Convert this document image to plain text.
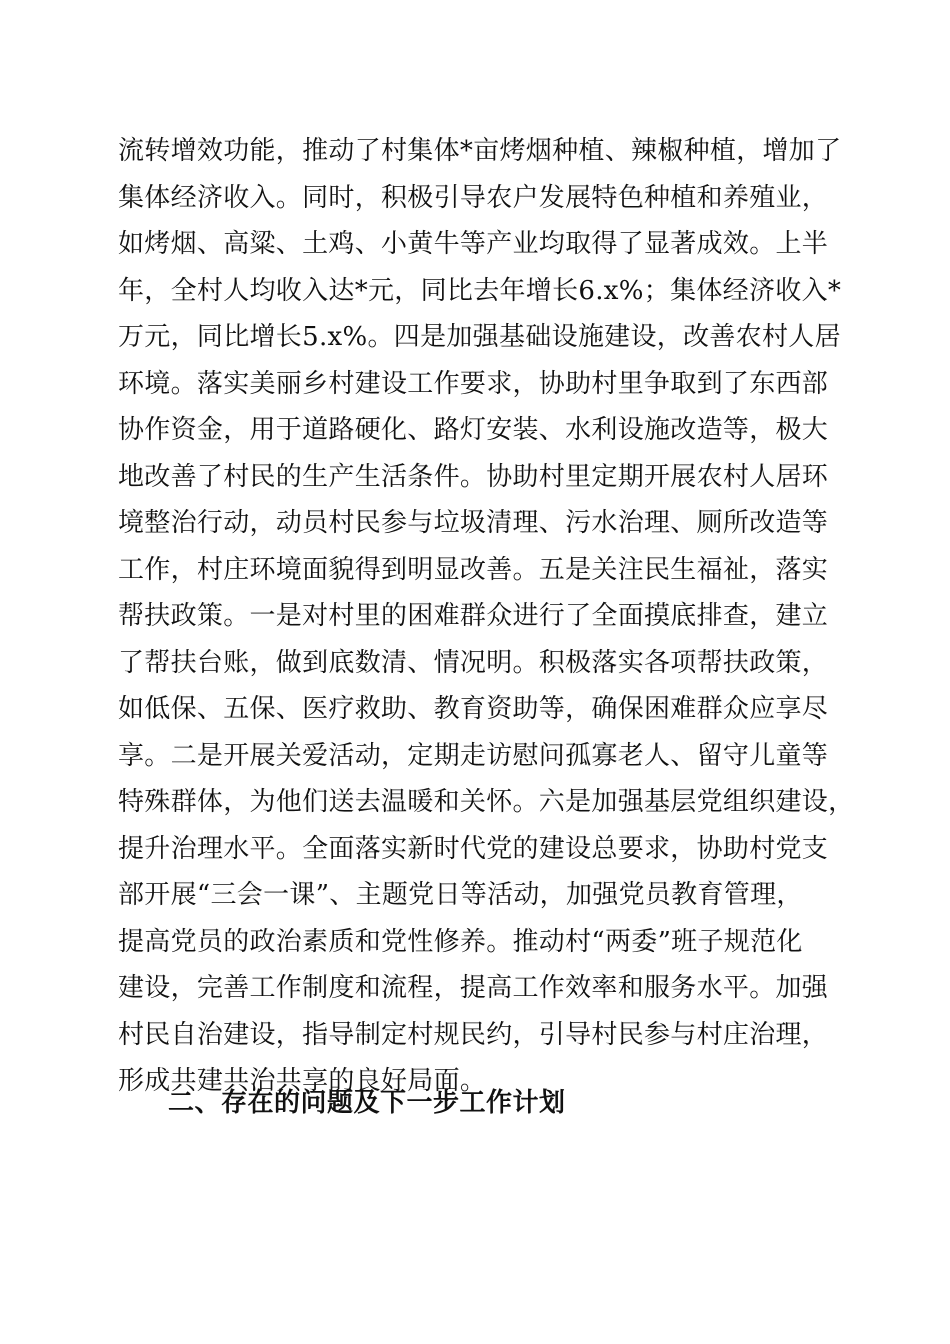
流转增效功能，推动了村集体*亩烤烟种植、辣椒种植，增加了
集体经济收入。同时，积极引导农户发展特色种植和养殖业，
如烤烟、高粱、土鸡、小黄牛等产业均取得了显著成效。上半
年，全村人均收入达*元，同比去年增长6.x%；集体经济收入*
万元，同比增长5.x%。四是加强基础设施建设，改善农村人居
环境。落实美丽乡村建设工作要求，协助村里争取到了东西部
协作资金，用于道路硬化、路灯安装、水利设施改造等，极大
地改善了村民的生产生活条件。协助村里定期开展农村人居环
境整治行动，动员村民参与垃圾清理、污水治理、厕所改造等
工作，村庄环境面貌得到明显改善。五是关注民生福祉，落实
帮扶政策。一是对村里的困难群众进行了全面摸底排查，建立
了帮扶台账，做到底数清、情况明。积极落实各项帮扶政策，
如低保、五保、医疗救助、教育资助等，确保困难群众应享尽
享。二是开展关爱活动，定期走访慰问孤寡老人、留守儿童等
特殊群体，为他们送去温暖和关怀。六是加强基层党组织建设，
提升治理水平。全面落实新时代党的建设总要求，协助村党支
部开展“三会一课”、主题党日等活动，加强党员教育管理，
提高党员的政治素质和党性修养。推动村“两委”班子规范化
建设，完善工作制度和流程，提高工作效率和服务水平。加强
村民自治建设，指导制定村规民约，引导村民参与村庄治理，
形成共建共治共享的良好局面。
二、存在的问题及下一步工作计划
